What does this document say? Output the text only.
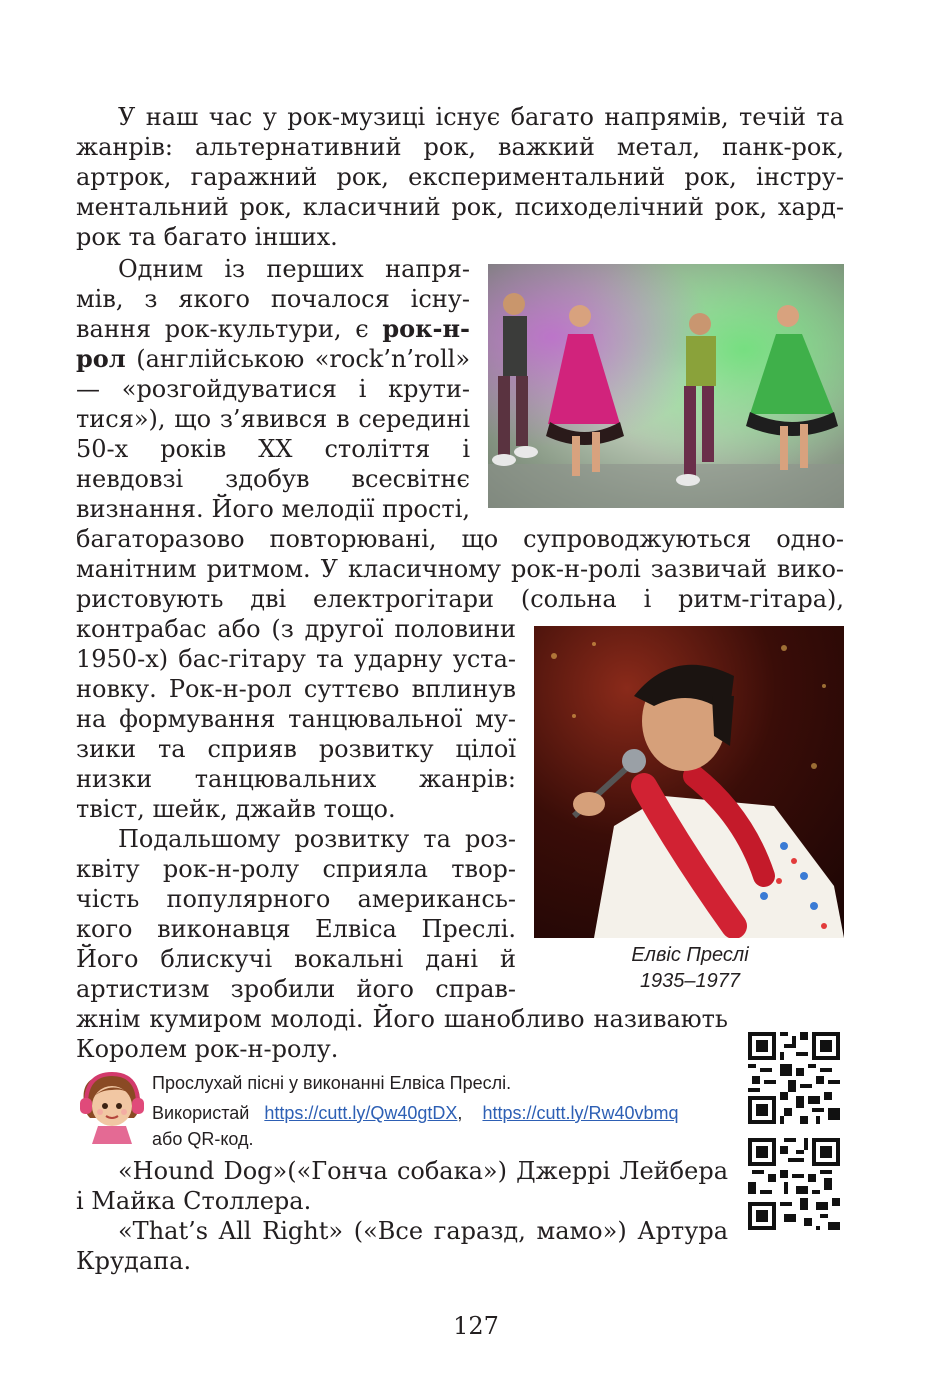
У наш час у рок-музиці існує багато напрямів, течій та
жанрів: альтернативний рок, важкий метал, панк-рок,
артрок, гаражний рок, експериментальний рок, інстру-
ментальний рок, класичний рок, психоделічний рок, хард-
рок та багато інших.
Одним із перших напря-
мів, з якого почалося існу-
вання рок-культури, є рок-н-
рол (англійською «rock’n’roll»
— «розгойдуватися і крути-
тися»), що з’явився в середині
50-х років XX століття і
невдовзі здобув всесвітнє
визнання. Його мелодії прості,
багаторазово повторювані, що супроводжуються одно-
манітним ритмом. У класичному рок-н-ролі зазвичай вико-
ристовують дві електрогітари (сольна і ритм-гітара),
контрабас або (з другої половини
1950-х) бас-гітару та ударну уста-
новку. Рок-н-рол суттєво вплинув
на формування танцювальної му-
зики та сприяв розвитку цілої
низки танцювальних жанрів:
твіст, шейк, джайв тощо.
Подальшому розвитку та роз-
квіту рок-н-ролу сприяла твор-
чість популярного американсь-
кого виконавця Елвіса Преслі.
Його блискучі вокальні дані й
артистизм зробили його справ-
жнім кумиром молоді. Його шанобливо називають
Королем рок-н-ролу.
Елвіс Преслі
1935–1977
Прослухай пісні у виконанні Елвіса Преслі.
Використай https://cutt.ly/Qw40gtDX, https://cutt.ly/Rw40vbmq
або QR-код.
«Hound Dog»(«Гонча собака») Джеррі Лейбера
і Майка Столлера.
«That’s All Right» («Все гаразд, мамо») Артура
Крудапа.
127
